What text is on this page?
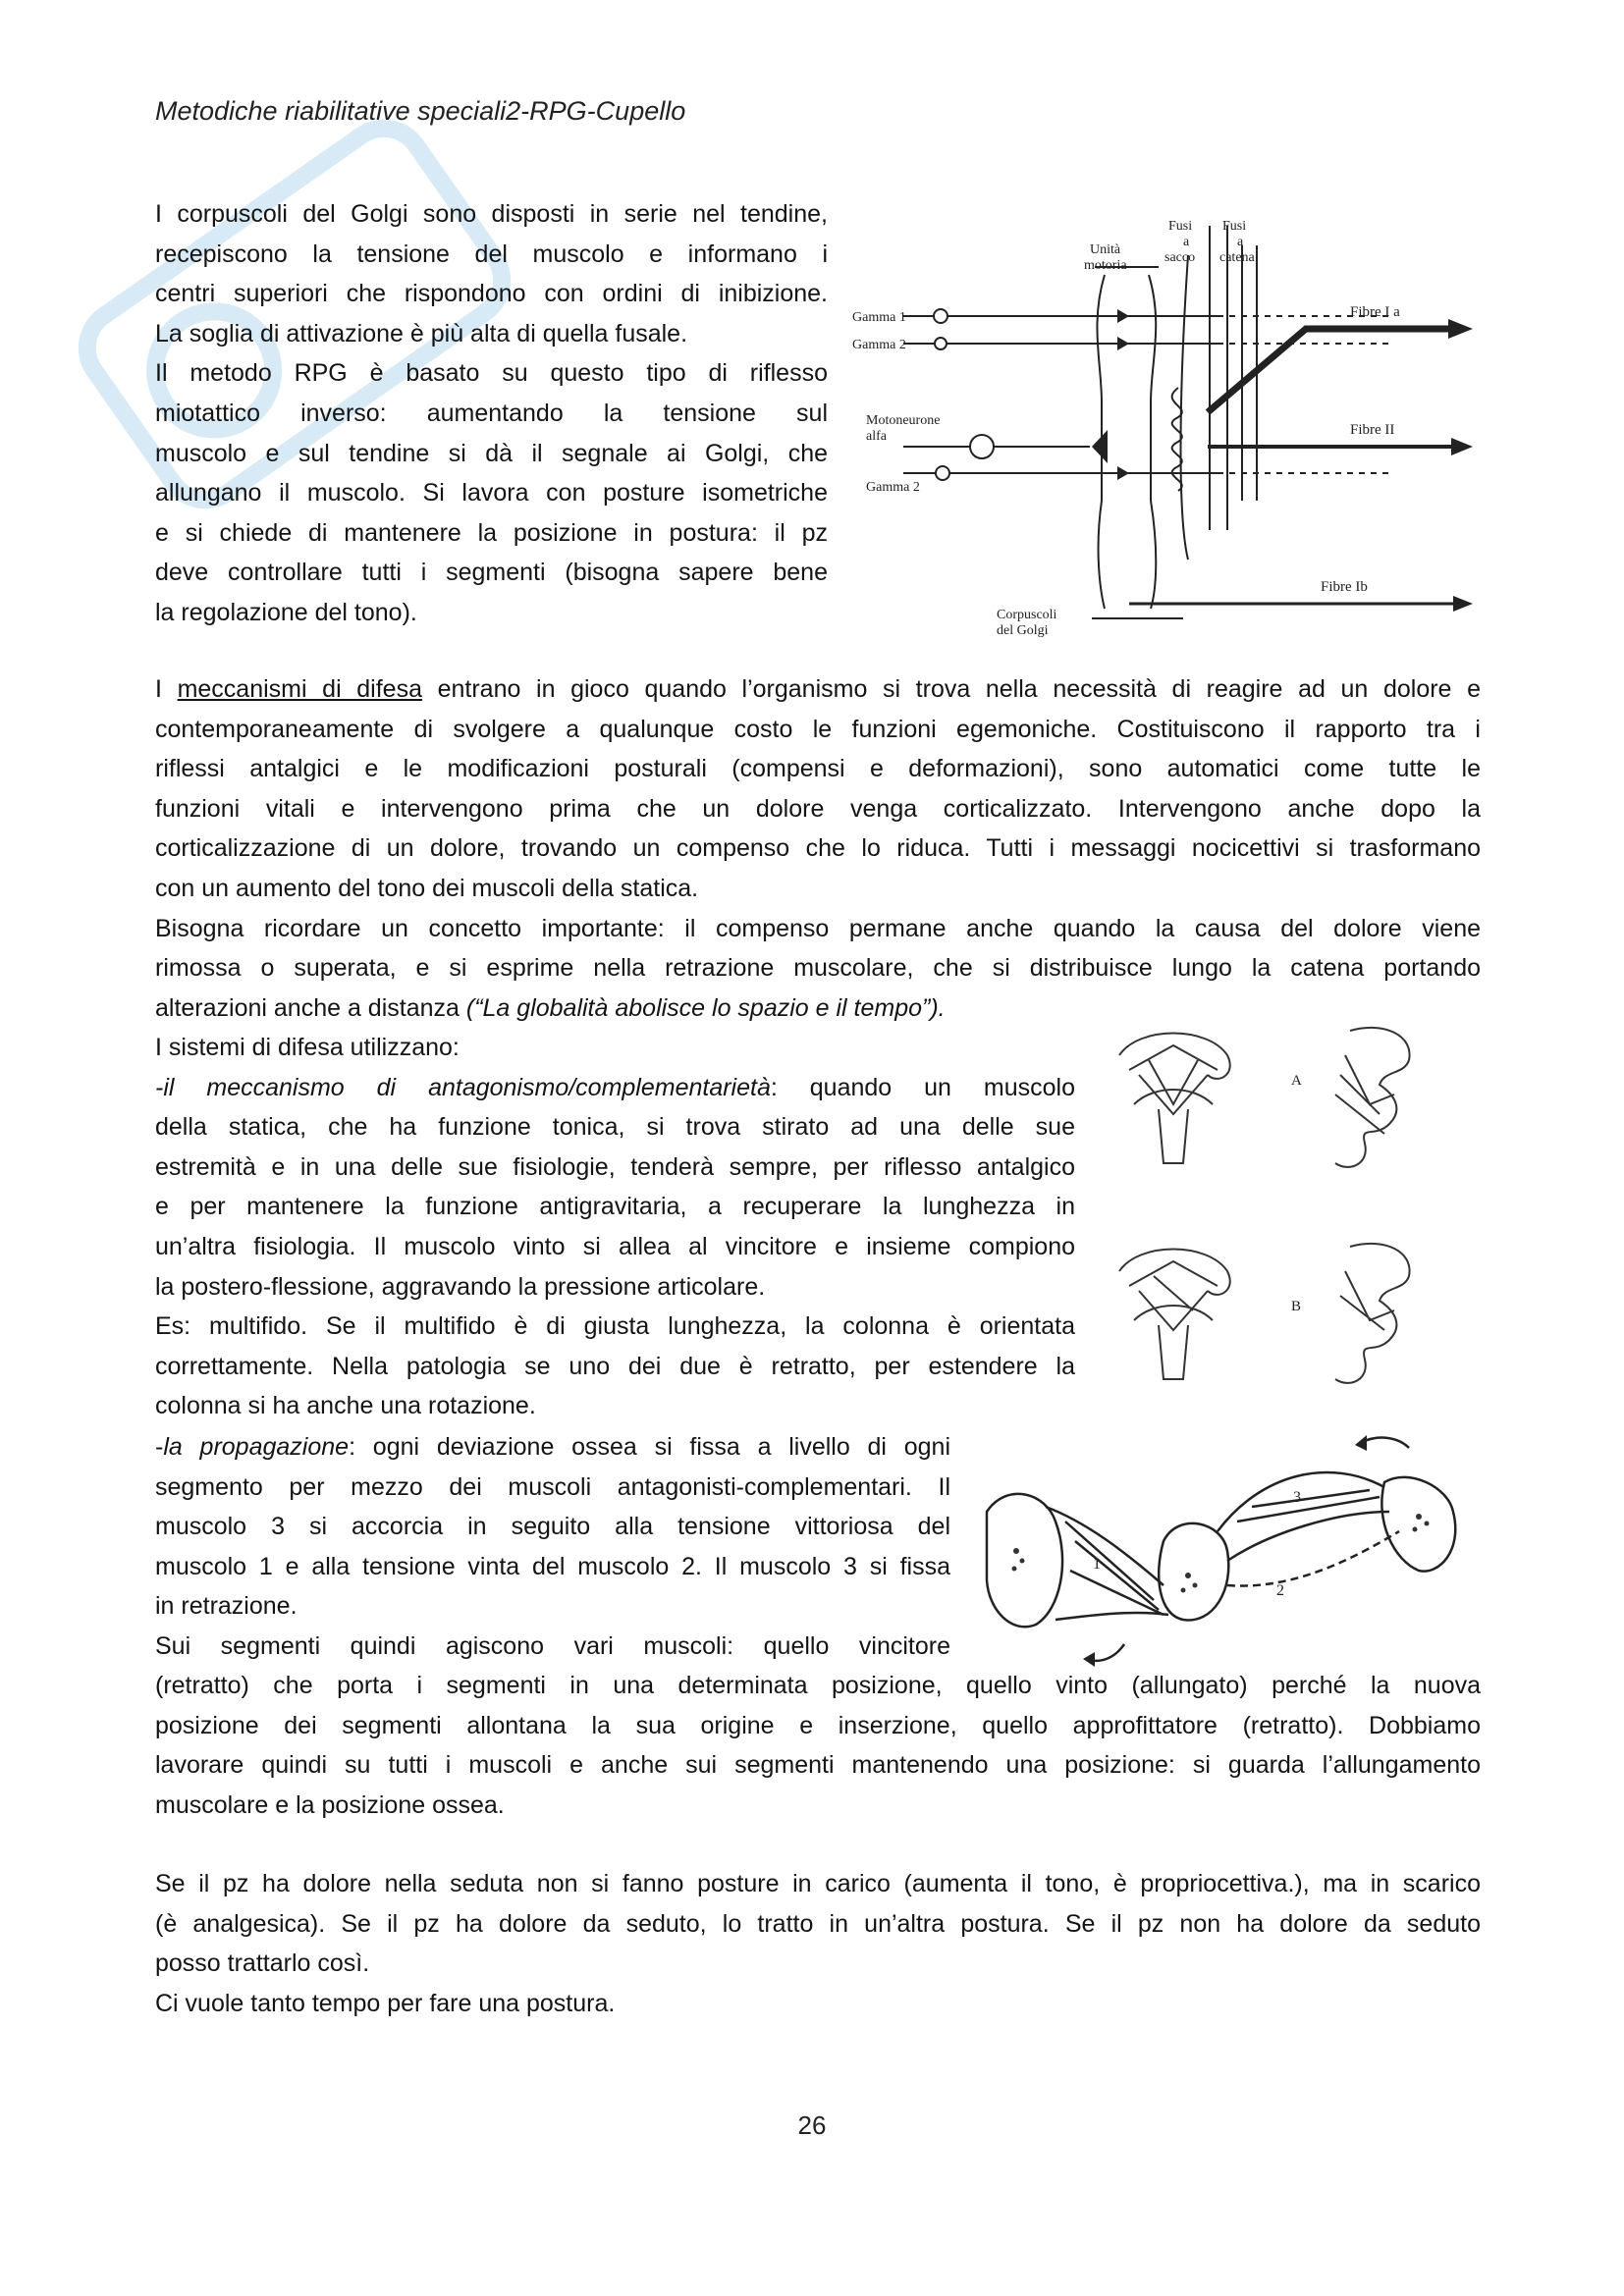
Metodiche riabilitative speciali2-RPG-Cupello
I corpuscoli del Golgi sono disposti in serie nel tendine,
recepiscono la tensione del muscolo e informano i
centri superiori che rispondono con ordini di inibizione.
La soglia di attivazione è più alta di quella fusale.
Il metodo RPG è basato su questo tipo di riflesso
miotattico inverso: aumentando la tensione sul
muscolo e sul tendine si dà il segnale ai Golgi, che
allungano il muscolo. Si lavora con posture isometriche
e si chiede di mantenere la posizione in postura: il pz
deve controllare tutti i segmenti (bisogna sapere bene
la regolazione del tono).
Unità
motoria
Fusi
a
sacco
Fusi
a
catena
Gamma 1
Gamma 2
Motoneurone
alfa
Gamma 2
Fibre I a
Fibre II
Fibre Ib
Corpuscoli
del Golgi
I meccanismi di difesa entrano in gioco quando l’organismo si trova nella necessità di reagire ad un dolore e
contemporaneamente di svolgere a qualunque costo le funzioni egemoniche. Costituiscono il rapporto tra i
riflessi antalgici e le modificazioni posturali (compensi e deformazioni), sono automatici come tutte le
funzioni vitali e intervengono prima che un dolore venga corticalizzato. Intervengono anche dopo la
corticalizzazione di un dolore, trovando un compenso che lo riduca. Tutti i messaggi nocicettivi si trasformano
con un aumento del tono dei muscoli della statica.
Bisogna ricordare un concetto importante: il compenso permane anche quando la causa del dolore viene
rimossa o superata, e si esprime nella retrazione muscolare, che si distribuisce lungo la catena portando
alterazioni anche a distanza (“La globalità abolisce lo spazio e il tempo”).
I sistemi di difesa utilizzano:
-il meccanismo di antagonismo/complementarietà: quando un muscolo
della statica, che ha funzione tonica, si trova stirato ad una delle sue
estremità e in una delle sue fisiologie, tenderà sempre, per riflesso antalgico
e per mantenere la funzione antigravitaria, a recuperare la lunghezza in
un’altra fisiologia. Il muscolo vinto si allea al vincitore e insieme compiono
la postero-flessione, aggravando la pressione articolare.
Es: multifido. Se il multifido è di giusta lunghezza, la colonna è orientata
correttamente. Nella patologia se uno dei due è retratto, per estendere la
colonna si ha anche una rotazione.
A
B
-la propagazione: ogni deviazione ossea si fissa a livello di ogni
segmento per mezzo dei muscoli antagonisti-complementari. Il
muscolo 3 si accorcia in seguito alla tensione vittoriosa del
muscolo 1 e alla tensione vinta del muscolo 2. Il muscolo 3 si fissa
in retrazione.
Sui segmenti quindi agiscono vari muscoli: quello vincitore
1
2
3
(retratto) che porta i segmenti in una determinata posizione, quello vinto (allungato) perché la nuova
posizione dei segmenti allontana la sua origine e inserzione, quello approfittatore (retratto). Dobbiamo
lavorare quindi su tutti i muscoli e anche sui segmenti mantenendo una posizione: si guarda l’allungamento
muscolare e la posizione ossea.
Se il pz ha dolore nella seduta non si fanno posture in carico (aumenta il tono, è propriocettiva.), ma in scarico
(è analgesica). Se il pz ha dolore da seduto, lo tratto in un’altra postura. Se il pz non ha dolore da seduto
posso trattarlo così.
Ci vuole tanto tempo per fare una postura.
26
